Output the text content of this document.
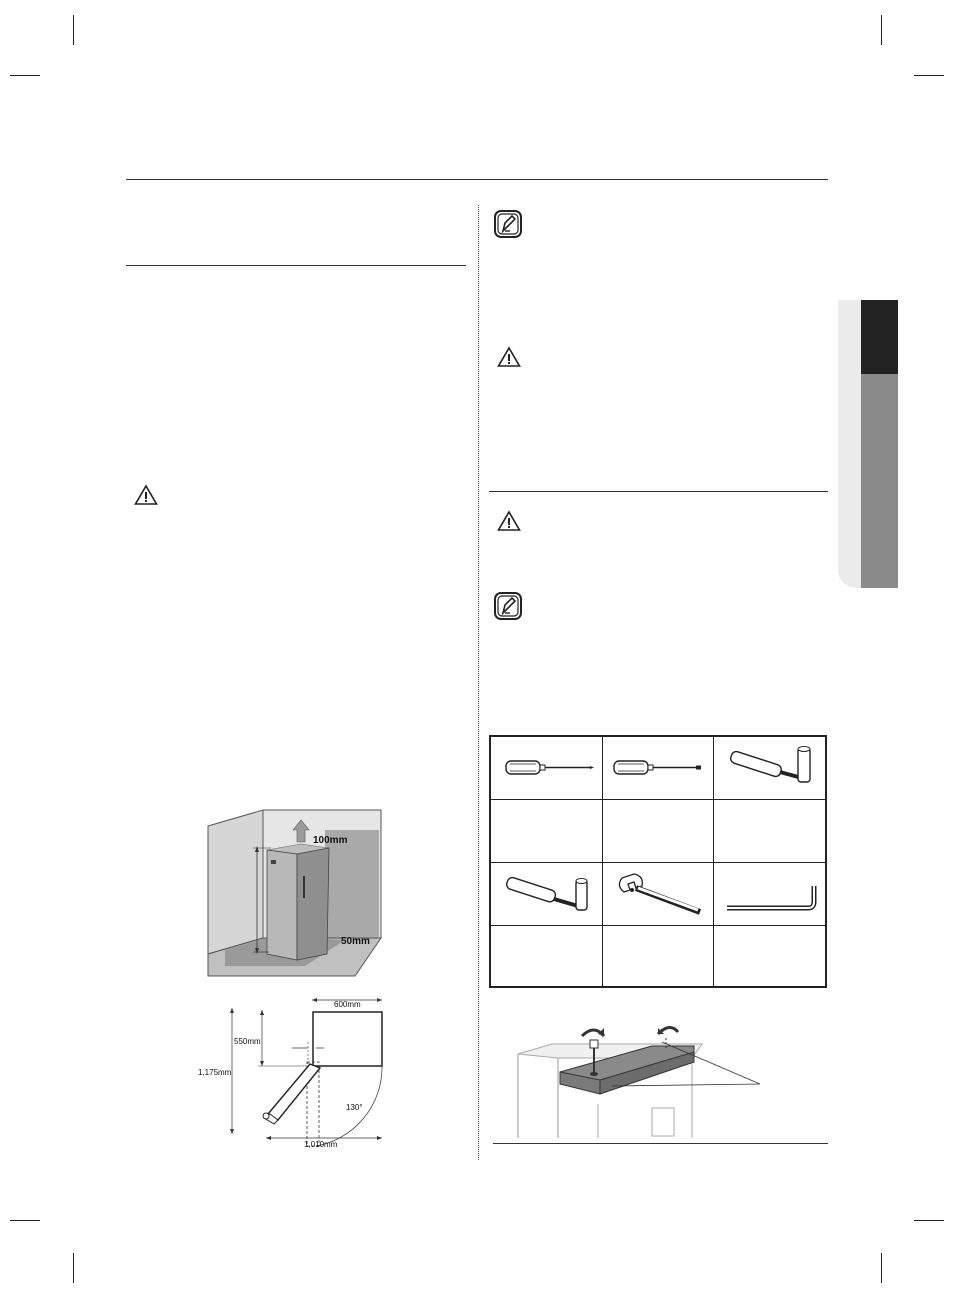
100mm
50mm
600mm
550mm
1,175mm
130°
1,010mm
